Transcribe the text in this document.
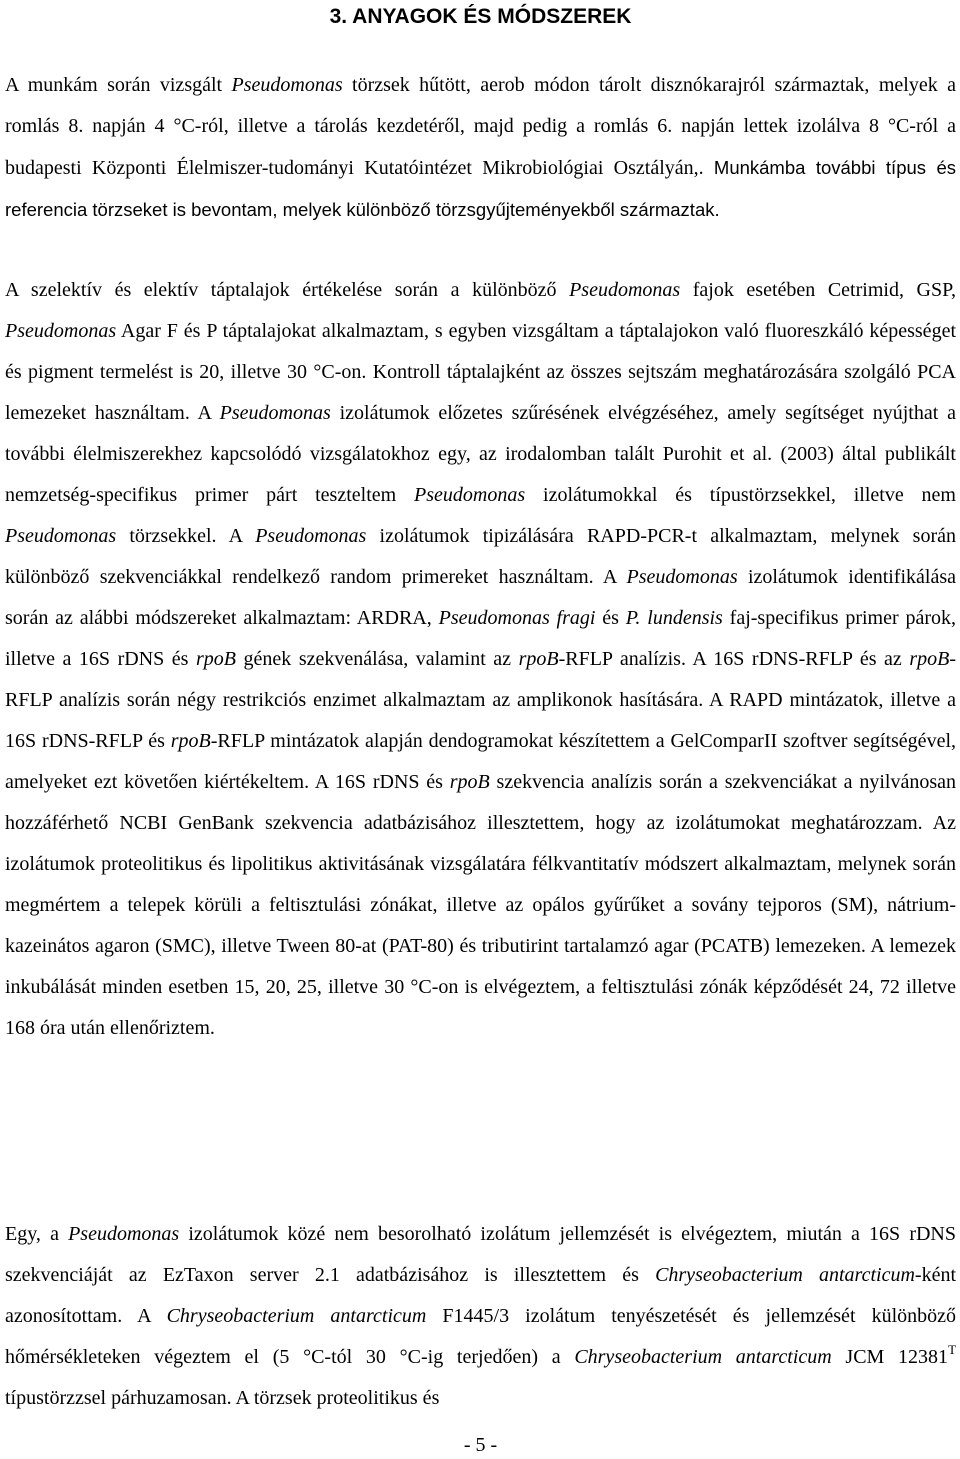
3. ANYAGOK ÉS MÓDSZEREK

A munkám során vizsgált Pseudomonas törzsek hűtött, aerob módon tárolt disznókarajról származtak, melyek a romlás 8. napján 4 °C-ról, illetve a tárolás kezdetéről, majd pedig a romlás 6. napján lettek izolálva 8 °C-ról a budapesti Központi Élelmiszer-tudományi Kutatóintézet Mikrobiológiai Osztályán,. Munkámba további típus és referencia törzseket is bevontam, melyek különböző törzsgyűjteményekből származtak.

A szelektív és elektív táptalajok értékelése során a különböző Pseudomonas fajok esetében Cetrimid, GSP, Pseudomonas Agar F és P táptalajokat alkalmaztam, s egyben vizsgáltam a táptalajokon való fluoreszkáló képességet és pigment termelést is 20, illetve 30 °C-on. Kontroll táptalajként az összes sejtszám meghatározására szolgáló PCA lemezeket használtam. A Pseudomonas izolátumok előzetes szűrésének elvégzéséhez, amely segítséget nyújthat a további élelmiszerekhez kapcsolódó vizsgálatokhoz egy, az irodalomban talált Purohit et al. (2003) által publikált nemzetség-specifikus primer párt teszteltem Pseudomonas izolátumokkal és típustörzsekkel, illetve nem Pseudomonas törzsekkel. A Pseudomonas izolátumok tipizálására RAPD-PCR-t alkalmaztam, melynek során különböző szekvenciákkal rendelkező random primereket használtam. A Pseudomonas izolátumok identifikálása során az alábbi módszereket alkalmaztam: ARDRA, Pseudomonas fragi és P. lundensis faj-specifikus primer párok, illetve a 16S rDNS és rpoB gének szekvenálása, valamint az rpoB-RFLP analízis. A 16S rDNS-RFLP és az rpoB-RFLP analízis során négy restrikciós enzimet alkalmaztam az amplikonok hasítására. A RAPD mintázatok, illetve a 16S rDNS-RFLP és rpoB-RFLP mintázatok alapján dendogramokat készítettem a GelComparII szoftver segítségével, amelyeket ezt követően kiértékeltem. A 16S rDNS és rpoB szekvencia analízis során a szekvenciákat a nyilvánosan hozzáférhető NCBI GenBank szekvencia adatbázisához illesztettem, hogy az izolátumokat meghatározzam. Az izolátumok proteolitikus és lipolitikus aktivitásának vizsgálatára félkvantitatív módszert alkalmaztam, melynek során megmértem a telepek körüli a feltisztulási zónákat, illetve az opálos gyűrűket a sovány tejporos (SM), nátrium-kazeinátos agaron (SMC), illetve Tween 80-at (PAT-80) és tributirint tartalamzó agar (PCATB) lemezeken. A lemezek inkubálását minden esetben 15, 20, 25, illetve 30 °C-on is elvégeztem, a feltisztulási zónák képződését 24, 72 illetve 168 óra után ellenőriztem.

Egy, a Pseudomonas izolátumok közé nem besorolható izolátum jellemzését is elvégeztem, miután a 16S rDNS szekvenciáját az EzTaxon server 2.1 adatbázisához is illesztettem és Chryseobacterium antarcticum-ként azonosítottam. A Chryseobacterium antarcticum F1445/3 izolátum tenyészetését és jellemzését különböző hőmérsékleteken végeztem el (5 °C-tól 30 °C-ig terjedően) a Chryseobacterium antarcticum JCM $12381^T$ típustörzzsel párhuzamosan. A törzsek proteolitikus és

- 5 -
